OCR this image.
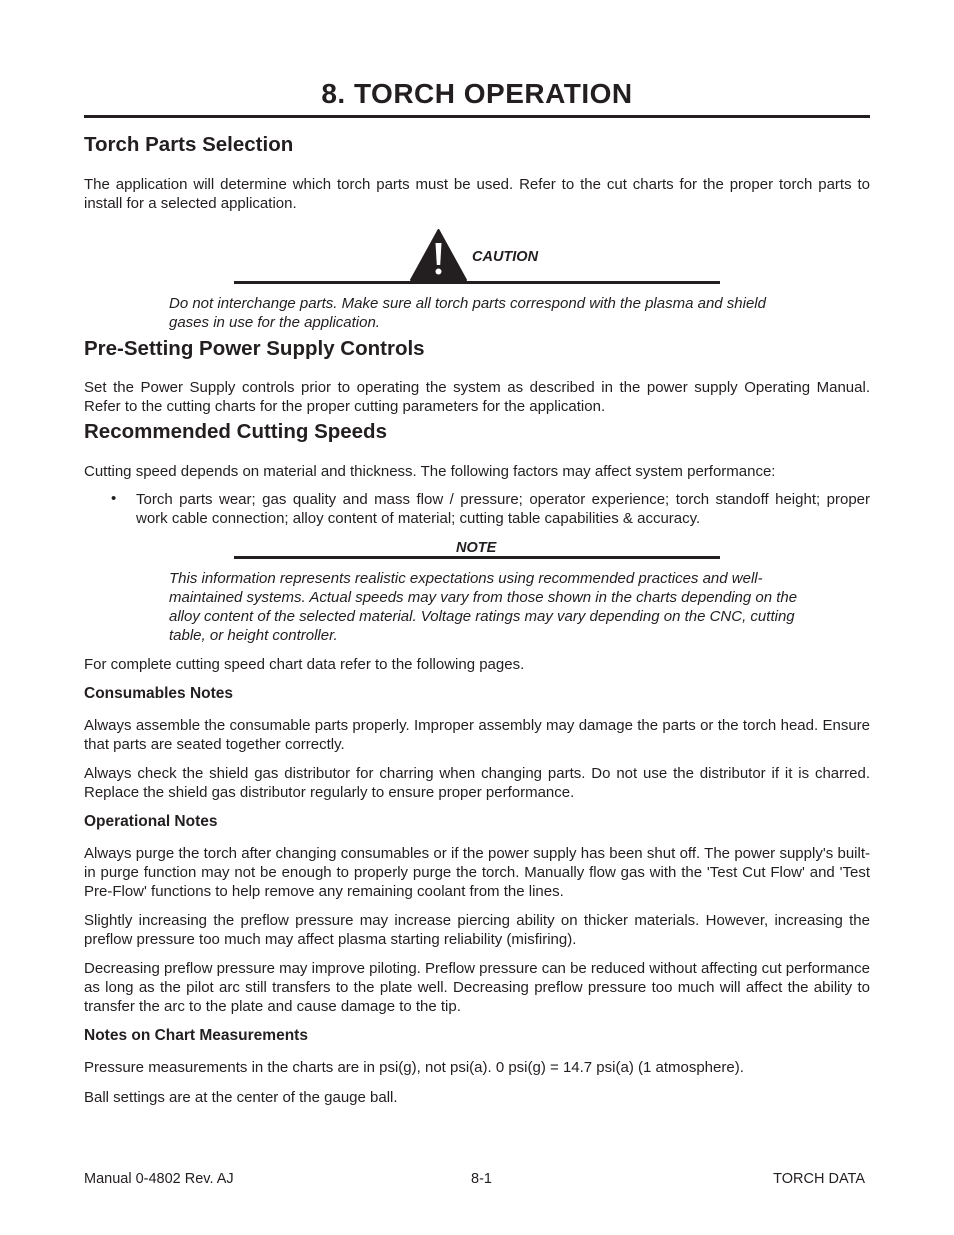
8. TORCH OPERATION
Torch Parts Selection

The application will determine which torch parts must be used. Refer to the cut charts for the proper torch parts to install for a selected application.

CAUTION

Do not interchange parts. Make sure all torch parts correspond with the plasma and shield gases in use for the application.

Pre-Setting Power Supply Controls

Set the Power Supply controls prior to operating the system as described in the power supply Operating Manual. Refer to the cutting charts for the proper cutting parameters for the application.

Recommended Cutting Speeds

Cutting speed depends on material and thickness. The following factors may affect system performance:

• Torch parts wear; gas quality and mass flow / pressure; operator experience; torch standoff height; proper work cable connection; alloy content of material; cutting table capabilities & accuracy.

NOTE

This information represents realistic expectations using recommended practices and well-maintained systems. Actual speeds may vary from those shown in the charts depending on the alloy content of the selected material. Voltage ratings may vary depending on the CNC, cutting table, or height controller.

For complete cutting speed chart data refer to the following pages.

Consumables Notes

Always assemble the consumable parts properly. Improper assembly may damage the parts or the torch head. Ensure that parts are seated together correctly.

Always check the shield gas distributor for charring when changing parts. Do not use the distributor if it is charred. Replace the shield gas distributor regularly to ensure proper performance.

Operational Notes

Always purge the torch after changing consumables or if the power supply has been shut off. The power supply's built-in purge function may not be enough to properly purge the torch. Manually flow gas with the 'Test Cut Flow' and 'Test Pre-Flow' functions to help remove any remaining coolant from the lines.

Slightly increasing the preflow pressure may increase piercing ability on thicker materials. However, increasing the preflow pressure too much may affect plasma starting reliability (misfiring).

Decreasing preflow pressure may improve piloting. Preflow pressure can be reduced without affecting cut performance as long as the pilot arc still transfers to the plate well. Decreasing preflow pressure too much will affect the ability to transfer the arc to the plate and cause damage to the tip.

Notes on Chart Measurements

Pressure measurements in the charts are in psi(g), not psi(a). 0 psi(g) = 14.7 psi(a) (1 atmosphere).

Ball settings are at the center of the gauge ball.

Manual 0-4802 Rev. AJ	8-1	TORCH DATA
